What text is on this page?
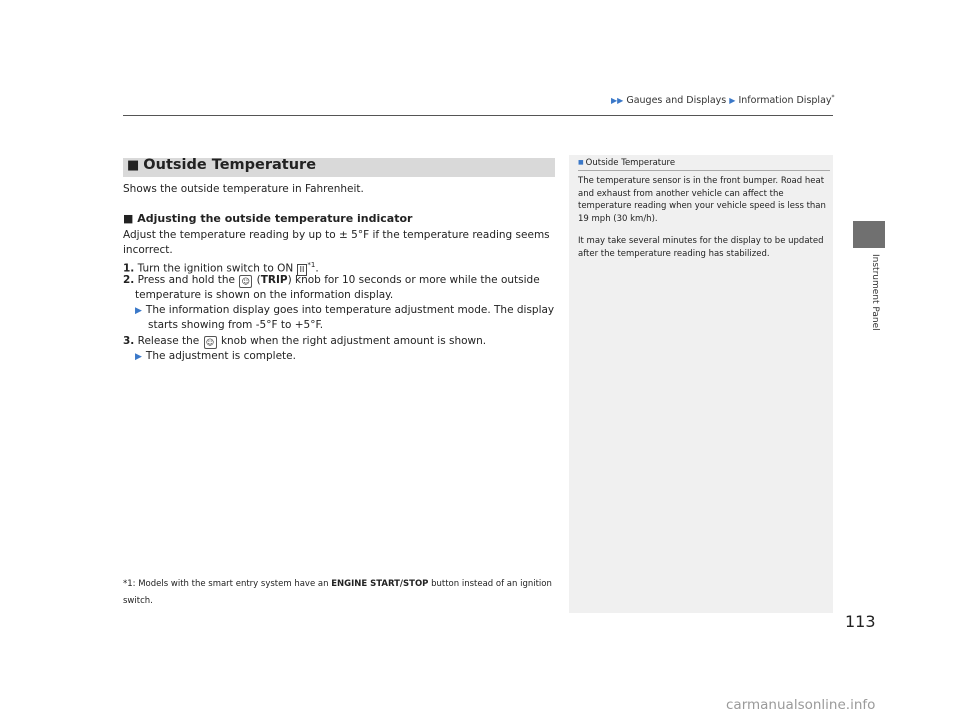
▶▶ Gauges and Displays ▶ Information Display*
■ Outside Temperature
Shows the outside temperature in Fahrenheit.
■ Adjusting the outside temperature indicator
Adjust the temperature reading by up to ± 5°F if the temperature reading seems incorrect.
1. Turn the ignition switch to ON II $^{*1}$.
2. Press and hold the ☺ (TRIP) knob for 10 seconds or more while the outside
temperature is shown on the information display.
▶ The information display goes into temperature adjustment mode. The display
starts showing from -5°F to +5°F.
3. Release the ☺ knob when the right adjustment amount is shown.
▶ The adjustment is complete.
*1: Models with the smart entry system have an ENGINE START/STOP button instead of an ignition switch.
■ Outside Temperature

The temperature sensor is in the front bumper. Road heat and exhaust from another vehicle can affect the temperature reading when your vehicle speed is less than 19 mph (30 km/h).

It may take several minutes for the display to be updated after the temperature reading has stabilized.

Instrument Panel
113
carmanualsonline.info
